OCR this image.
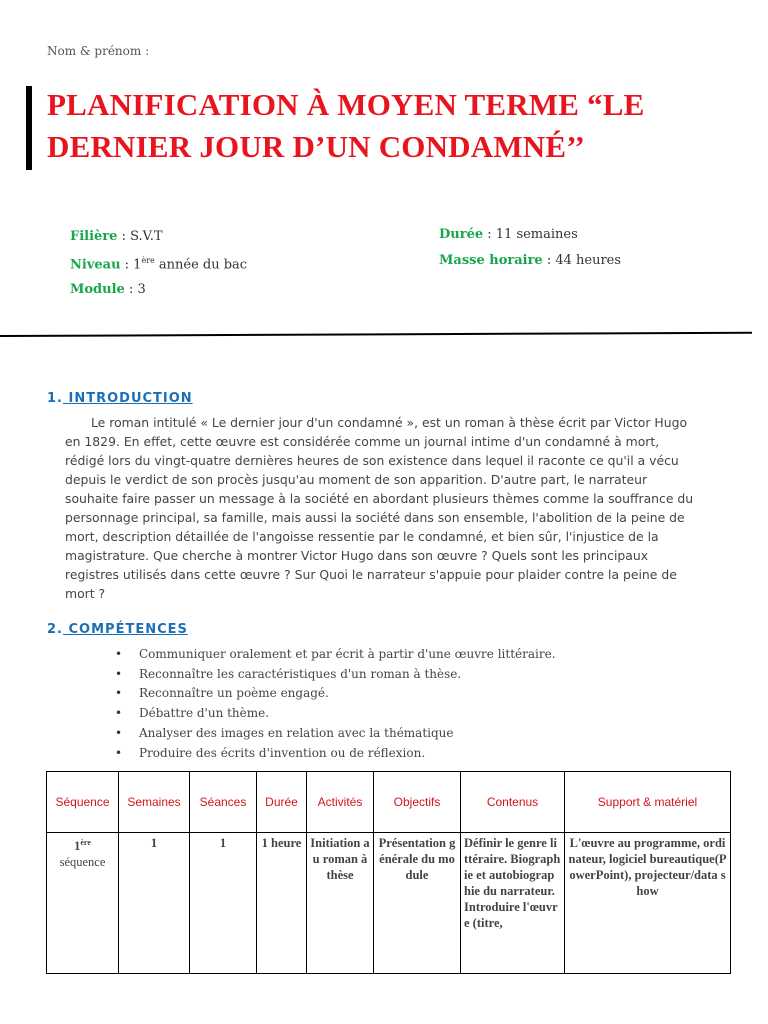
Nom & prénom :
PLANIFICATION À MOYEN TERME “LE DERNIER JOUR D’UN CONDAMNÉ’’
Filière : S.V.T
Niveau : 1ère année du bac
Module : 3
Durée : 11 semaines
Masse horaire : 44 heures
1. INTRODUCTION
Le roman intitulé « Le dernier jour d'un condamné », est un roman à thèse écrit par Victor Hugo en 1829. En effet, cette œuvre est considérée comme un journal intime d'un condamné à mort, rédigé lors du vingt-quatre dernières heures de son existence dans lequel il raconte ce qu'il a vécu depuis le verdict de son procès jusqu'au moment de son apparition. D'autre part, le narrateur souhaite faire passer un message à la société en abordant plusieurs thèmes comme la souffrance du personnage principal, sa famille, mais aussi la société dans son ensemble, l'abolition de la peine de mort, description détaillée de l'angoisse ressentie par le condamné, et bien sûr, l'injustice de la magistrature. Que cherche à montrer Victor Hugo dans son œuvre ? Quels sont les principaux registres utilisés dans cette œuvre ? Sur Quoi le narrateur s'appuie pour plaider contre la peine de mort ?
2. COMPÉTENCES
• Communiquer oralement et par écrit à partir d'une œuvre littéraire.
• Reconnaître les caractéristiques d'un roman à thèse.
• Reconnaître un poème engagé.
• Débattre d'un thème.
• Analyser des images en relation avec la thématique
• Produire des écrits d'invention ou de réflexion.
Séquence	Semaines	Séances	Durée	Activités	Objectifs	Contenus	Support & matériel
1ère séquence	1	1	1 heure	Initiation au roman à thèse	Présentation générale du module	Définir le genre littéraire. Biographie et autobiographie du narrateur. Introduire l'œuvre (titre,	L'œuvre au programme, ordinateur, logiciel bureautique(PowerPoint), projecteur/data show
